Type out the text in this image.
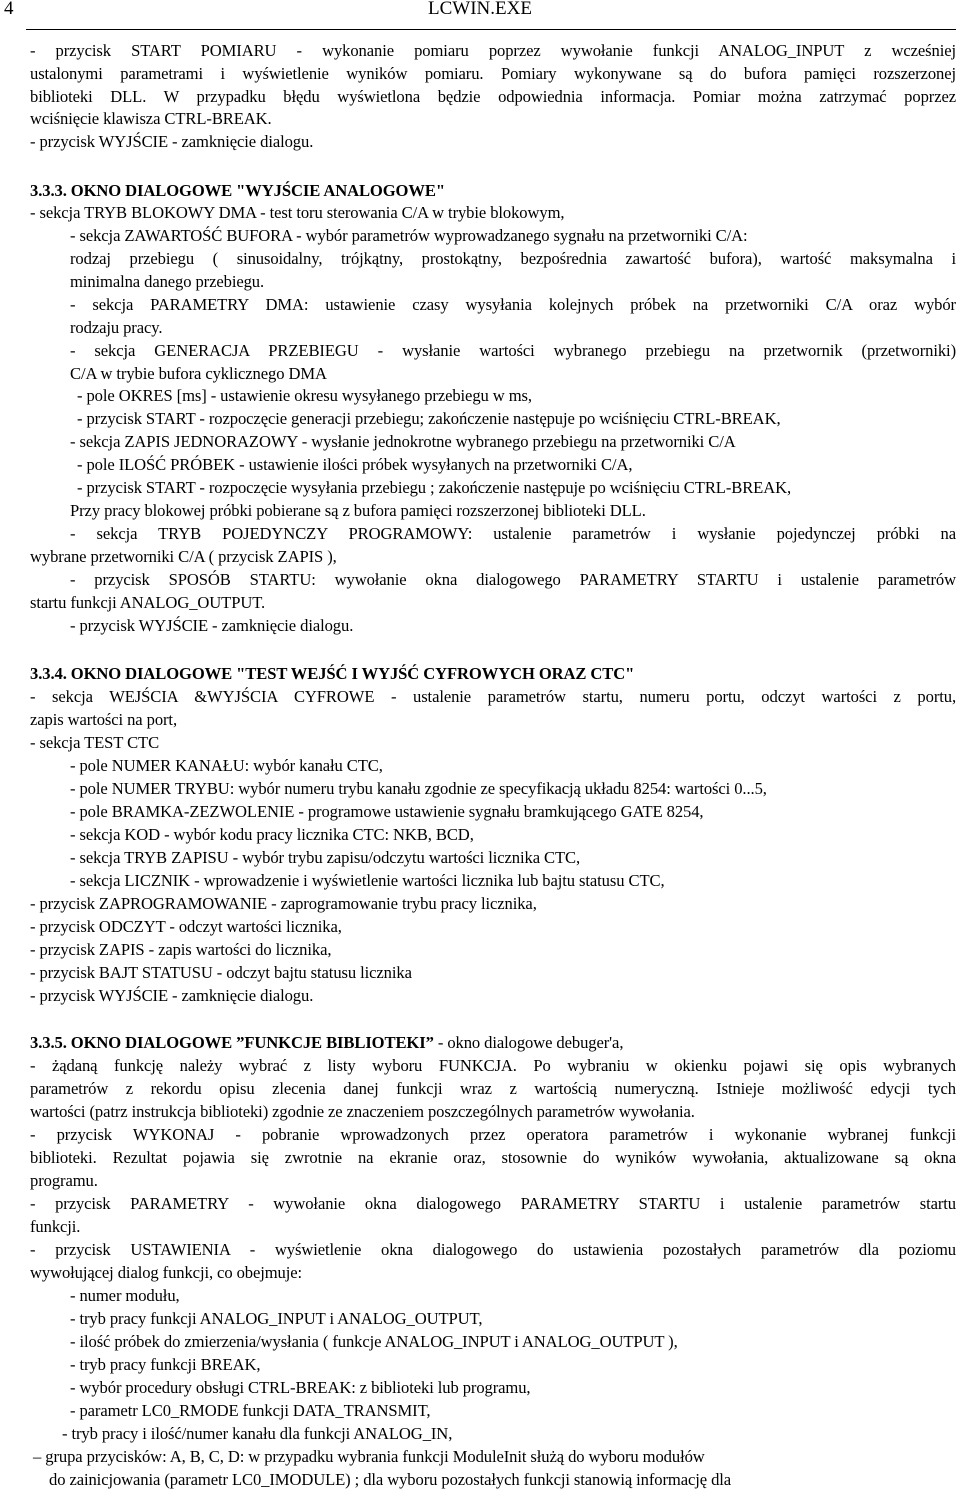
4	LCWIN.EXE
- przycisk START POMIARU - wykonanie pomiaru poprzez wywołanie funkcji ANALOG_INPUT z wcześniej
ustalonymi parametrami i wyświetlenie wyników pomiaru. Pomiary wykonywane są do bufora pamięci rozszerzonej
biblioteki DLL. W przypadku błędu wyświetlona będzie odpowiednia informacja. Pomiar można zatrzymać poprzez
wciśnięcie klawisza CTRL-BREAK.
- przycisk WYJŚCIE - zamknięcie dialogu.
3.3.3. OKNO DIALOGOWE "WYJŚCIE ANALOGOWE"
- sekcja TRYB BLOKOWY DMA - test toru sterowania C/A w trybie blokowym,
- sekcja ZAWARTOŚĆ BUFORA - wybór parametrów wyprowadzanego sygnału na przetworniki C/A:
rodzaj przebiegu ( sinusoidalny, trójkątny, prostokątny, bezpośrednia zawartość bufora), wartość maksymalna i
minimalna danego przebiegu.
- sekcja PARAMETRY DMA: ustawienie czasy wysyłania kolejnych próbek na przetworniki C/A oraz wybór
rodzaju pracy.
- sekcja GENERACJA PRZEBIEGU - wysłanie wartości wybranego przebiegu na przetwornik (przetworniki)
C/A w trybie bufora cyklicznego DMA
- pole OKRES [ms] - ustawienie okresu wysyłanego przebiegu w ms,
- przycisk START - rozpoczęcie generacji przebiegu; zakończenie następuje po wciśnięciu CTRL-BREAK,
- sekcja ZAPIS JEDNORAZOWY - wysłanie jednokrotne wybranego przebiegu na przetworniki C/A
- pole ILOŚĆ PRÓBEK - ustawienie ilości próbek wysyłanych na przetworniki C/A,
- przycisk START - rozpoczęcie wysyłania przebiegu ; zakończenie następuje po wciśnięciu CTRL-BREAK,
Przy pracy blokowej próbki pobierane są z bufora pamięci rozszerzonej biblioteki DLL.
- sekcja TRYB POJEDYNCZY PROGRAMOWY: ustalenie parametrów i wysłanie pojedynczej próbki na
wybrane przetworniki C/A ( przycisk ZAPIS ),
- przycisk SPOSÓB STARTU: wywołanie okna dialogowego PARAMETRY STARTU i ustalenie parametrów
startu funkcji ANALOG_OUTPUT.
- przycisk WYJŚCIE - zamknięcie dialogu.
3.3.4. OKNO DIALOGOWE "TEST WEJŚĆ I WYJŚĆ CYFROWYCH ORAZ CTC"
- sekcja WEJŚCIA &WYJŚCIA CYFROWE - ustalenie parametrów startu, numeru portu, odczyt wartości z portu,
zapis wartości na port,
- sekcja TEST CTC
- pole NUMER KANAŁU: wybór kanału CTC,
- pole NUMER TRYBU: wybór numeru trybu kanału zgodnie ze specyfikacją układu 8254: wartości 0...5,
- pole BRAMKA-ZEZWOLENIE - programowe ustawienie sygnału bramkującego GATE 8254,
- sekcja KOD - wybór kodu pracy licznika CTC: NKB, BCD,
- sekcja TRYB ZAPISU - wybór trybu zapisu/odczytu wartości licznika CTC,
- sekcja LICZNIK - wprowadzenie i wyświetlenie wartości licznika lub bajtu statusu CTC,
- przycisk ZAPROGRAMOWANIE - zaprogramowanie trybu pracy licznika,
- przycisk ODCZYT - odczyt wartości licznika,
- przycisk ZAPIS - zapis wartości do licznika,
- przycisk BAJT STATUSU - odczyt bajtu statusu licznika
- przycisk WYJŚCIE - zamknięcie dialogu.
3.3.5. OKNO DIALOGOWE ”FUNKCJE BIBLIOTEKI” - okno dialogowe debuger'a,
- żądaną funkcję należy wybrać z listy wyboru FUNKCJA. Po wybraniu w okienku pojawi się opis wybranych
parametrów z rekordu opisu zlecenia danej funkcji wraz z wartością numeryczną. Istnieje możliwość edycji tych
wartości (patrz instrukcja biblioteki) zgodnie ze znaczeniem poszczególnych parametrów wywołania.
- przycisk WYKONAJ - pobranie wprowadzonych przez operatora parametrów i wykonanie wybranej funkcji
biblioteki. Rezultat pojawia się zwrotnie na ekranie oraz, stosownie do wyników wywołania, aktualizowane są okna
programu.
- przycisk PARAMETRY - wywołanie okna dialogowego PARAMETRY STARTU i ustalenie parametrów startu
funkcji.
- przycisk USTAWIENIA - wyświetlenie okna dialogowego do ustawienia pozostałych parametrów dla poziomu
wywołującej dialog funkcji, co obejmuje:
- numer modułu,
- tryb pracy funkcji ANALOG_INPUT i ANALOG_OUTPUT,
- ilość próbek do zmierzenia/wysłania ( funkcje ANALOG_INPUT i ANALOG_OUTPUT ),
- tryb pracy funkcji BREAK,
- wybór procedury obsługi CTRL-BREAK: z biblioteki lub programu,
- parametr LC0_RMODE funkcji DATA_TRANSMIT,
- tryb pracy i ilość/numer kanału dla funkcji ANALOG_IN,
– grupa przycisków: A, B, C, D: w przypadku wybrania funkcji ModuleInit służą do wyboru modułów
do zainicjowania (parametr LC0_IMODULE) ; dla wyboru pozostałych funkcji stanowią informację dla
